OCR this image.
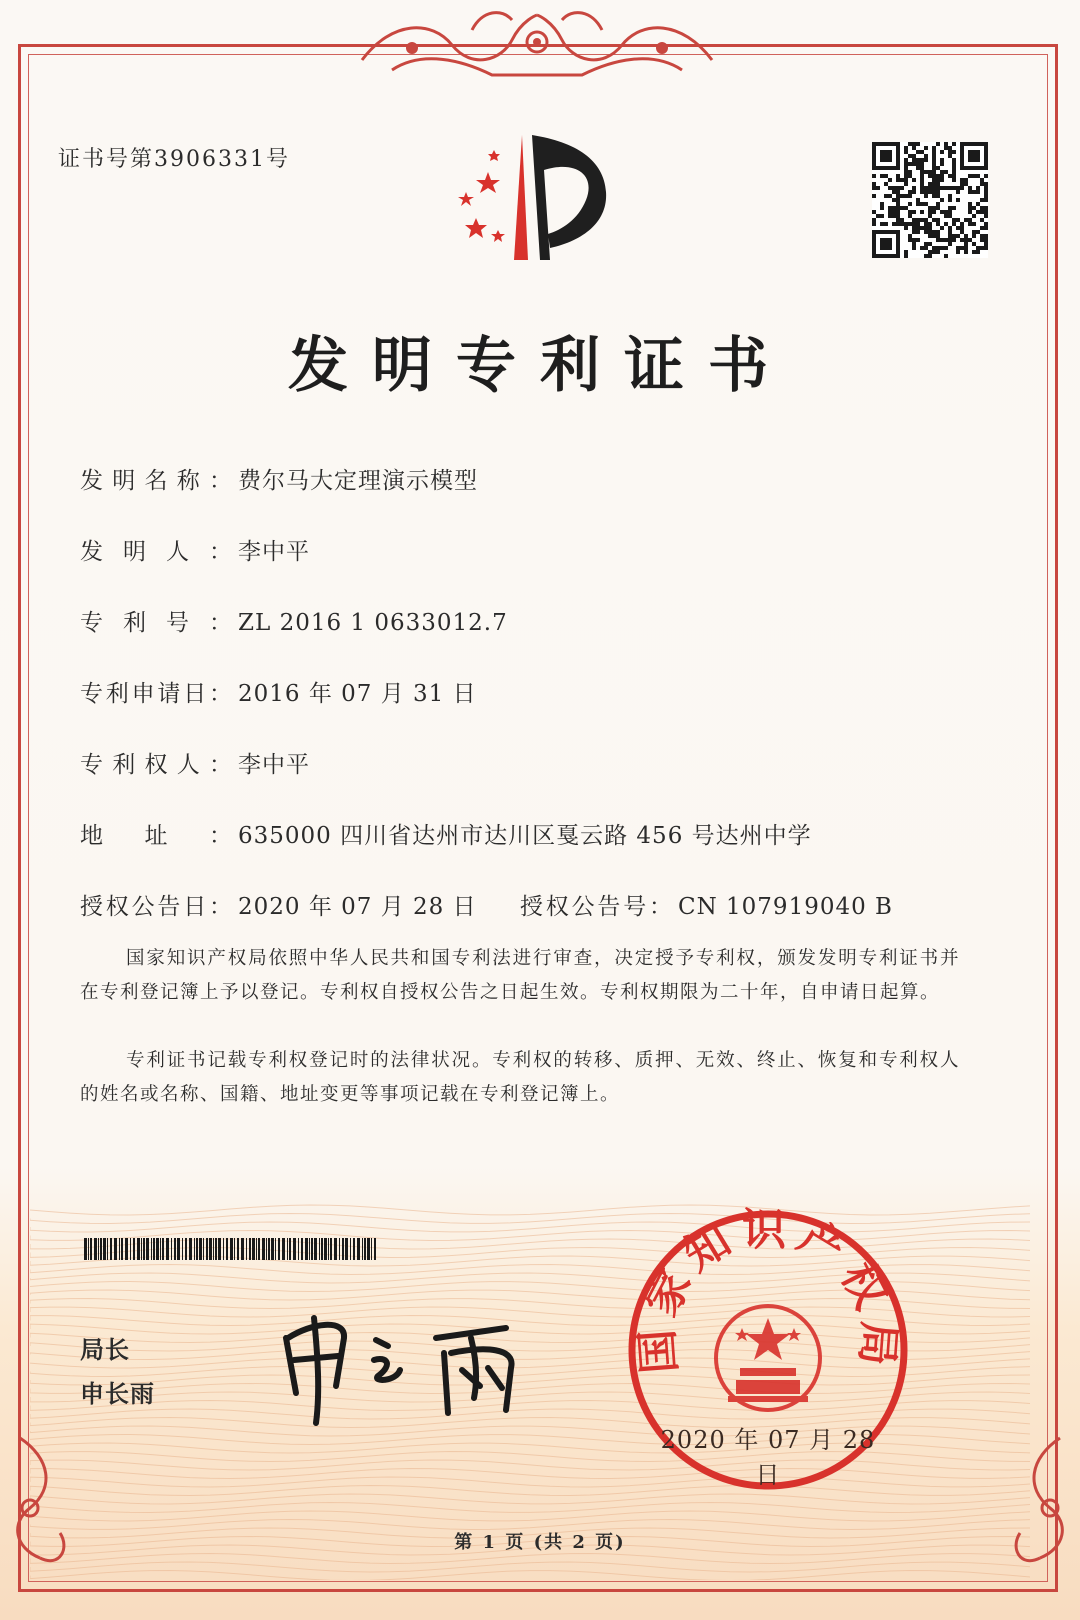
证书号第3906331号
发明专利证书
发明名称： 费尔马大定理演示模型
发明人： 李中平
专利号： ZL 2016 1 0633012.7
专利申请日： 2016 年 07 月 31 日
专利权人： 李中平
地址： 635000 四川省达州市达川区戛云路 456 号达州中学
授权公告日： 2020 年 07 月 28 日 授权公告号： CN 107919040 B
国家知识产权局依照中华人民共和国专利法进行审查，决定授予专利权，颁发发明专利证书并在专利登记簿上予以登记。专利权自授权公告之日起生效。专利权期限为二十年，自申请日起算。
专利证书记载专利权登记时的法律状况。专利权的转移、质押、无效、终止、恢复和专利权人的姓名或名称、国籍、地址变更等事项记载在专利登记簿上。
局长
申长雨
国家知识产权局
2020 年 07 月 28 日
第 1 页 (共 2 页)
